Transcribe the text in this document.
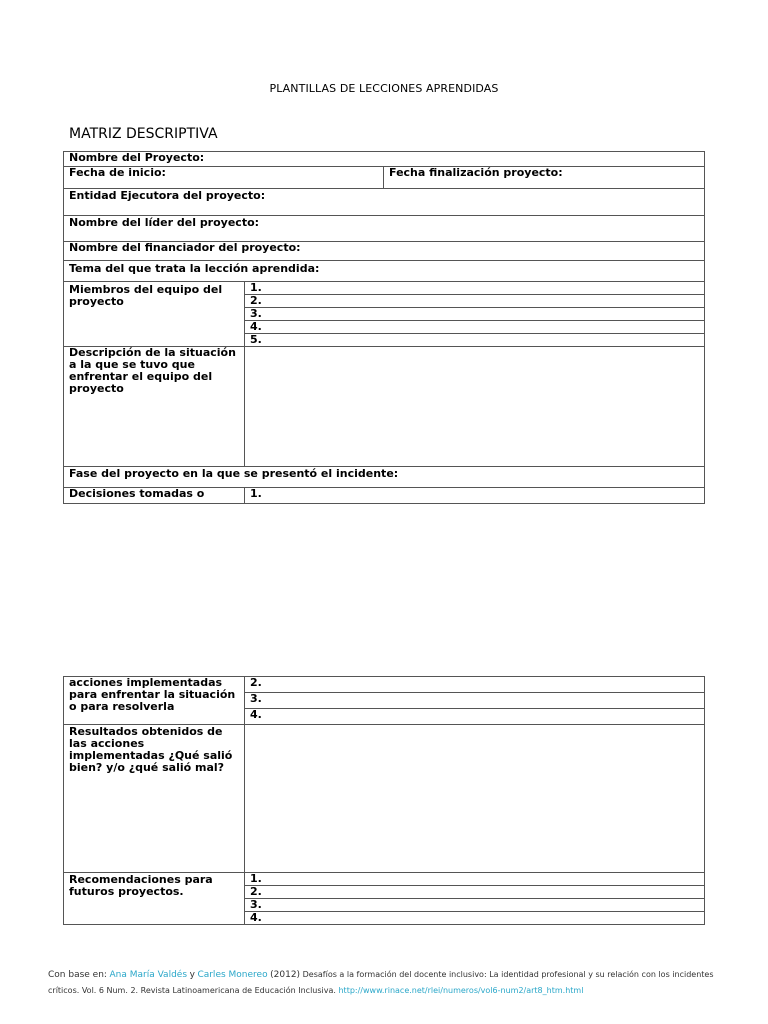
PLANTILLAS DE LECCIONES APRENDIDAS
MATRIZ DESCRIPTIVA
Nombre del Proyecto:		
Fecha de inicio:		Fecha finalización proyecto:
Entidad Ejecutora del proyecto:		
Nombre del líder del proyecto:		
Nombre del financiador del proyecto:		
Tema del que trata la lección aprendida:		
Miembros del equipo del proyecto	1.	
	2.	
	3.	
	4.	
	5.	
Descripción de la situación a la que se tuvo que enfrentar el equipo del proyecto		
Fase del proyecto en la que se presentó el incidente:		
Decisiones tomadas o	1.	
acciones implementadas para enfrentar la situación o para resolverla	2.
	3.
	4.
Resultados obtenidos de las acciones implementadas ¿Qué salió bien? y/o ¿qué salió mal?	
Recomendaciones para futuros proyectos.	1.
	2.
	3.
	4.
Con base en: Ana María Valdés y Carles Monereo (2012) Desafíos a la formación del docente inclusivo: La identidad profesional y su relación con los incidentes críticos. Vol. 6 Num. 2. Revista Latinoamericana de Educación Inclusiva. http://www.rinace.net/rlei/numeros/vol6-num2/art8_htm.html
